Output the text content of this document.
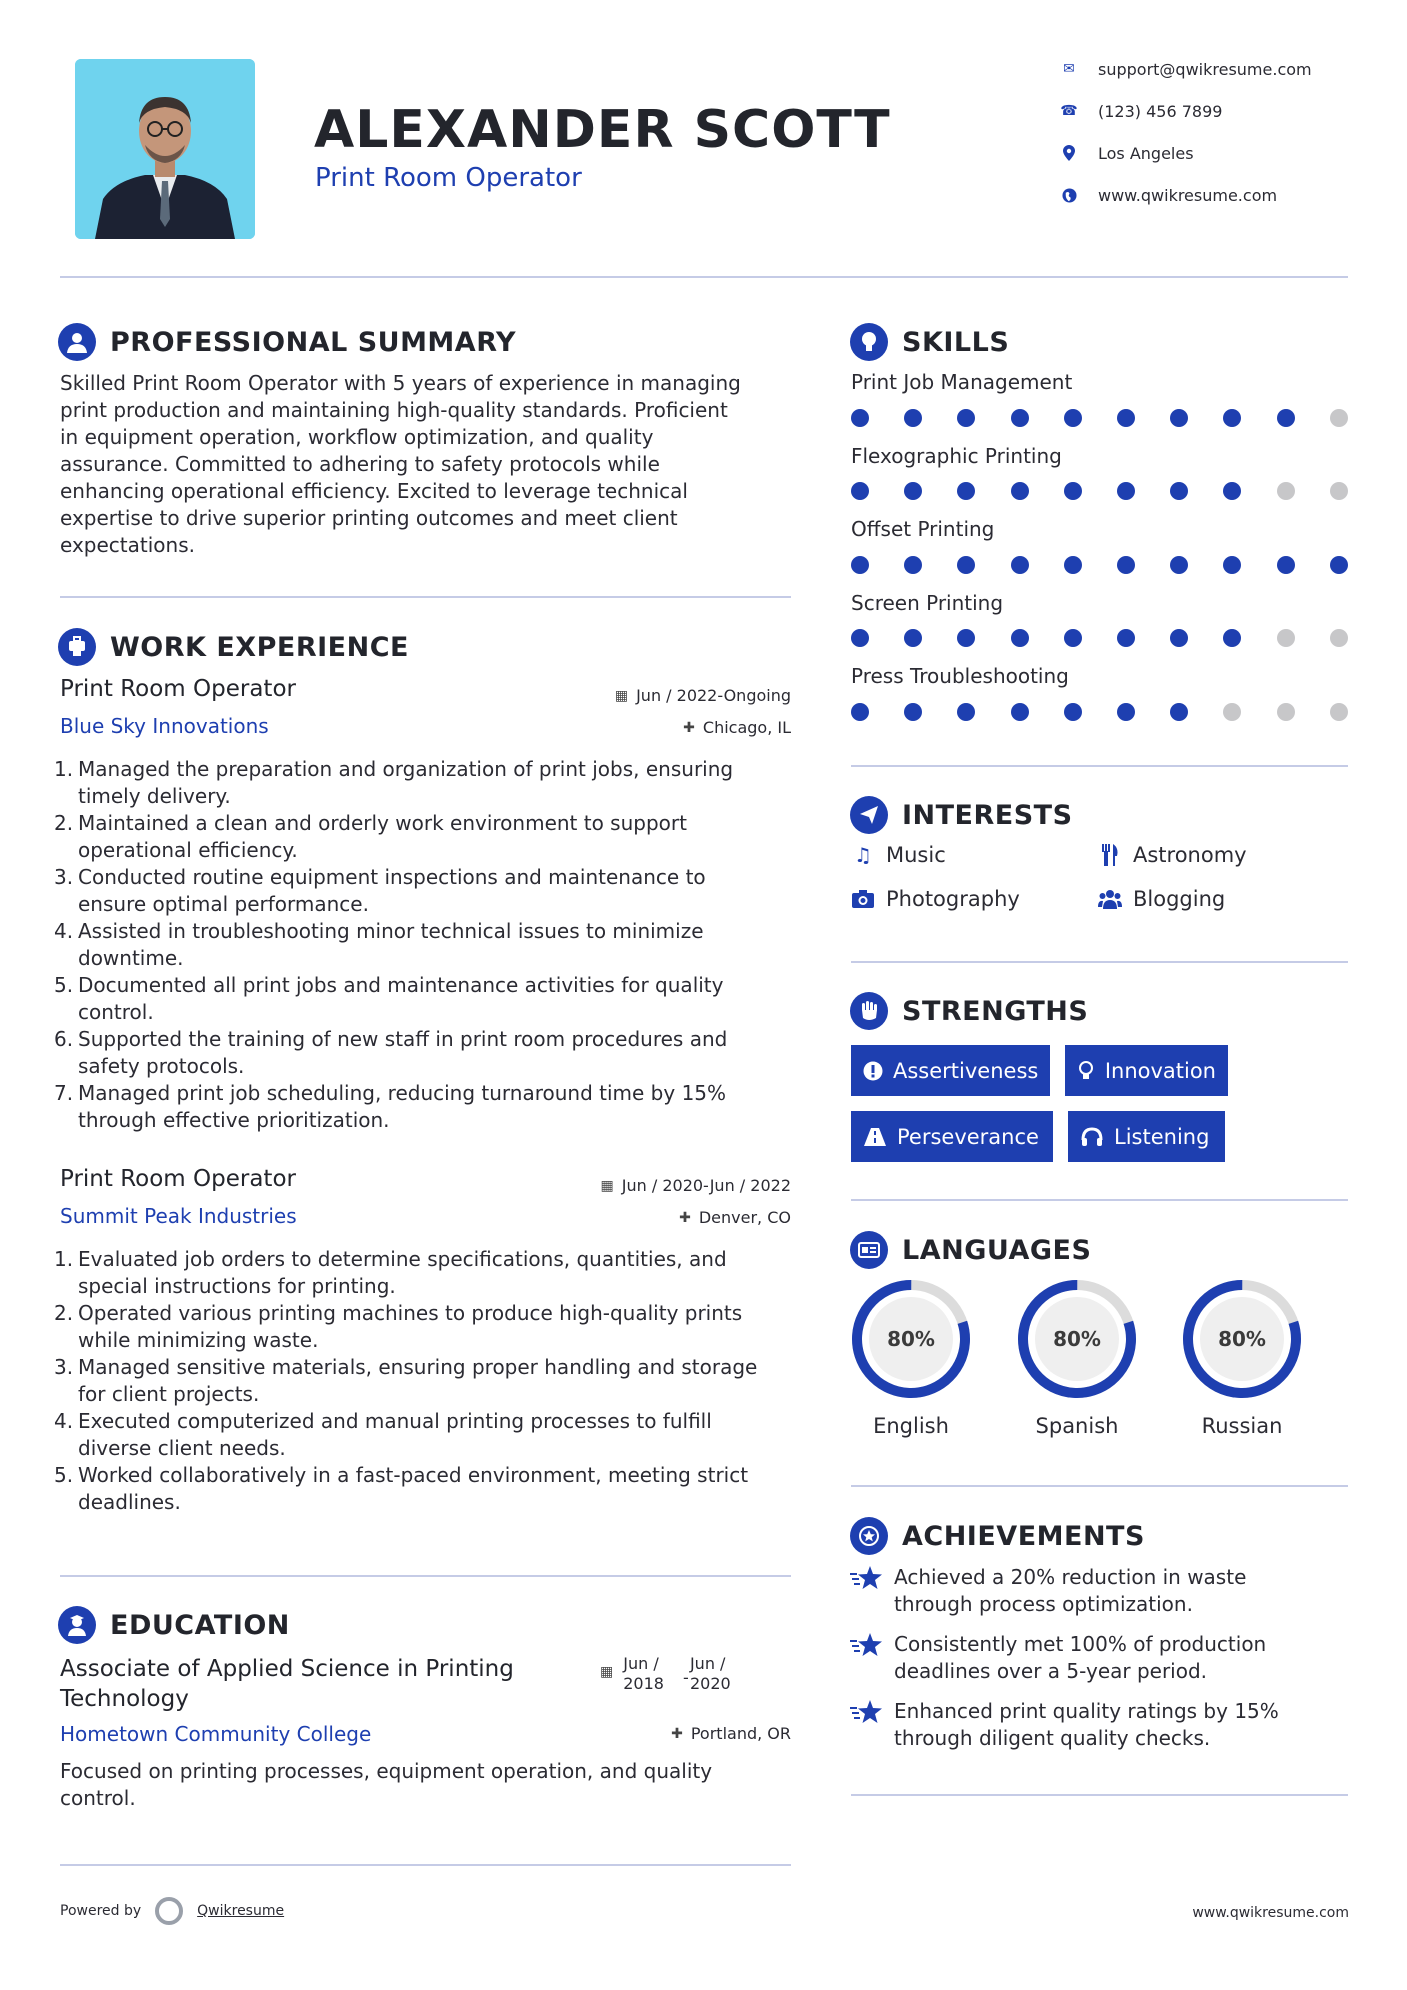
ALEXANDER SCOTT
Print Room Operator
✉	support@qwikresume.com
☎	(123) 456 7899
Los Angeles
www.qwikresume.com
PROFESSIONAL SUMMARY
Skilled Print Room Operator with 5 years of experience in managing
print production and maintaining high-quality standards. Proficient
in equipment operation, workflow optimization, and quality
assurance. Committed to adhering to safety protocols while
enhancing operational efficiency. Excited to leverage technical
expertise to drive superior printing outcomes and meet client
expectations.
WORK EXPERIENCE
Print Room Operator	▦ Jun / 2022-Ongoing
Blue Sky Innovations	✚ Chicago, IL
1. Managed the preparation and organization of print jobs, ensuring
timely delivery.
2. Maintained a clean and orderly work environment to support
operational efficiency.
3. Conducted routine equipment inspections and maintenance to
ensure optimal performance.
4. Assisted in troubleshooting minor technical issues to minimize
downtime.
5. Documented all print jobs and maintenance activities for quality
control.
6. Supported the training of new staff in print room procedures and
safety protocols.
7. Managed print job scheduling, reducing turnaround time by 15%
through effective prioritization.
Print Room Operator	▦ Jun / 2020-Jun / 2022
Summit Peak Industries	✚ Denver, CO
1. Evaluated job orders to determine specifications, quantities, and
special instructions for printing.
2. Operated various printing machines to produce high-quality prints
while minimizing waste.
3. Managed sensitive materials, ensuring proper handling and storage
for client projects.
4. Executed computerized and manual printing processes to fulfill
diverse client needs.
5. Worked collaboratively in a fast-paced environment, meeting strict
deadlines.
EDUCATION
Associate of Applied Science in Printing
Technology
▦ Jun /
2018 -
Jun /
2020
Hometown Community College	✚ Portland, OR
Focused on printing processes, equipment operation, and quality
control.
SKILLS
Print Job Management
Flexographic Printing
Offset Printing
Screen Printing
Press Troubleshooting
INTERESTS
♫ Music	Astronomy
Photography	Blogging
STRENGTHS
Assertiveness	Innovation
Perseverance	Listening
LANGUAGES
80%	80%	80%
English	Spanish	Russian
ACHIEVEMENTS
Achieved a 20% reduction in waste
through process optimization.
Consistently met 100% of production
deadlines over a 5-year period.
Enhanced print quality ratings by 15%
through diligent quality checks.
Powered by	Qwikresume	www.qwikresume.com
